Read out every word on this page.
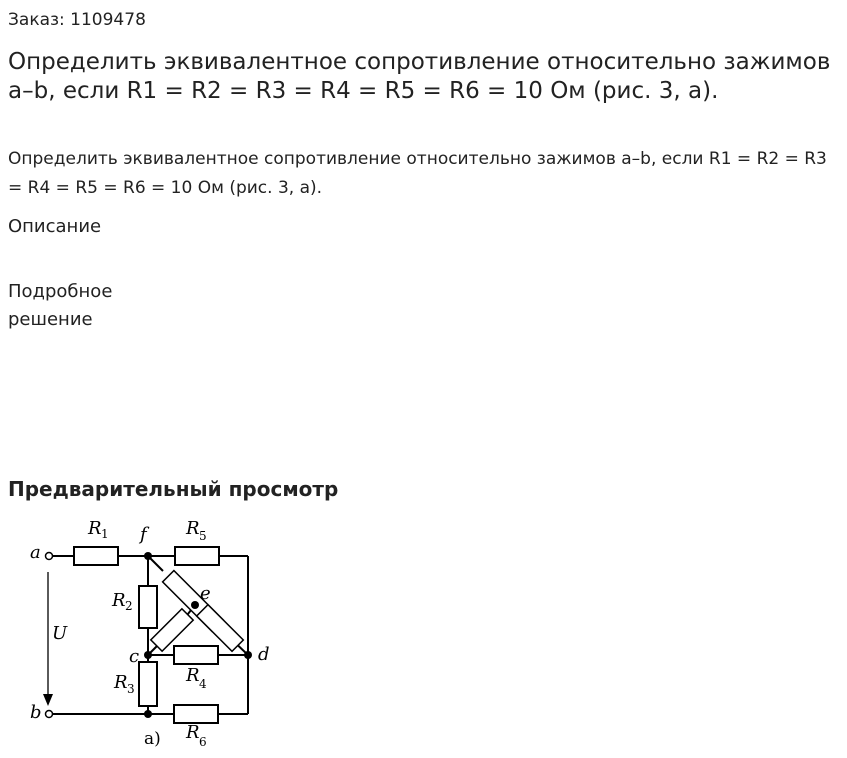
Заказ: 1109478
Определить эквивалентное сопротивление относительно зажимов a–b, если R1 = R2 = R3 = R4 = R5 = R6 = 10 Ом (рис. 3, а).
Определить эквивалентное сопротивление относительно зажимов a–b, если R1 = R2 = R3 = R4 = R5 = R6 = 10 Ом (рис. 3, а).
Описание
Подробное решение
Предварительный просмотр
a
b
c	d
e
f
U
R 1	R 5
R 2
R 4
R 3
R 6
а)
